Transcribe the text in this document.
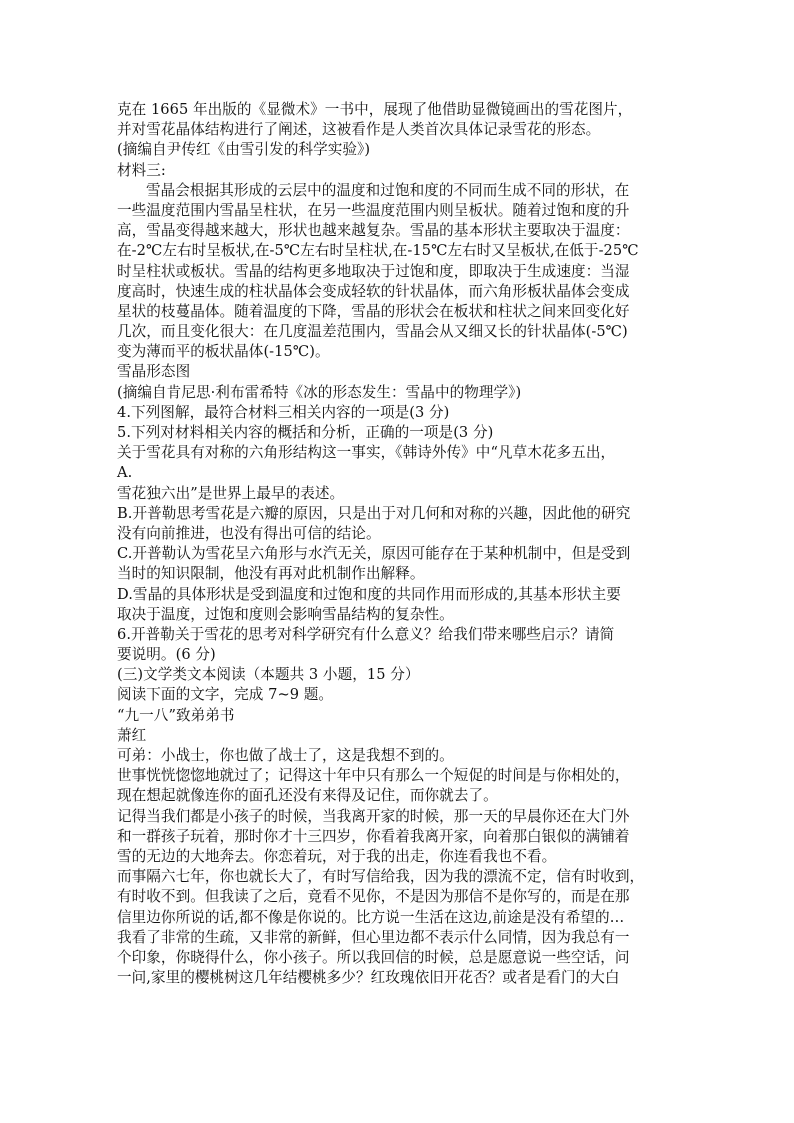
克在 1665 年出版的《显微术》一书中，展现了他借助显微镜画出的雪花图片，
并对雪花晶体结构进行了阐述，这被看作是人类首次具体记录雪花的形态。
(摘编自尹传红《由雪引发的科学实验》)
材料三:
雪晶会根据其形成的云层中的温度和过饱和度的不同而生成不同的形状，在
一些温度范围内雪晶呈柱状，在另一些温度范围内则呈板状。随着过饱和度的升
高，雪晶变得越来越大，形状也越来越复杂。雪晶的基本形状主要取决于温度：
在-2℃左右时呈板状,在-5℃左右时呈柱状,在-15℃左右时又呈板状,在低于-25℃
时呈柱状或板状。雪晶的结构更多地取决于过饱和度，即取决于生成速度：当湿
度高时，快速生成的柱状晶体会变成轻软的针状晶体，而六角形板状晶体会变成
星状的枝蔓晶体。随着温度的下降，雪晶的形状会在板状和柱状之间来回变化好
几次，而且变化很大：在几度温差范围内，雪晶会从又细又长的针状晶体(-5℃)
变为薄而平的板状晶体(-15℃)。
雪晶形态图
(摘编自肯尼思·利布雷希特《冰的形态发生：雪晶中的物理学》)
4.下列图解，最符合材料三相关内容的一项是(3 分)
5.下列对材料相关内容的概括和分析，正确的一项是(3 分)
关于雪花具有对称的六角形结构这一事实，《韩诗外传》中“凡草木花多五出，
A.
雪花独六出”是世界上最早的表述。
B.开普勒思考雪花是六瓣的原因，只是出于对几何和对称的兴趣，因此他的研究
没有向前推进，也没有得出可信的结论。
C.开普勒认为雪花呈六角形与水汽无关，原因可能存在于某种机制中，但是受到
当时的知识限制，他没有再对此机制作出解释。
D.雪晶的具体形状是受到温度和过饱和度的共同作用而形成的,其基本形状主要
取决于温度，过饱和度则会影响雪晶结构的复杂性。
6.开普勒关于雪花的思考对科学研究有什么意义？给我们带来哪些启示？请简
要说明。(6 分)
(三)文学类文本阅读（本题共 3 小题，15 分）
阅读下面的文字，完成 7~9 题。
“九一八”致弟弟书
萧红
可弟：小战士，你也做了战士了，这是我想不到的。
世事恍恍惚惚地就过了；记得这十年中只有那么一个短促的时间是与你相处的，
现在想起就像连你的面孔还没有来得及记住，而你就去了。
记得当我们都是小孩子的时候，当我离开家的时候，那一天的早晨你还在大门外
和一群孩子玩着，那时你才十三四岁，你看着我离开家，向着那白银似的满铺着
雪的无边的大地奔去。你恋着玩，对于我的出走，你连看我也不看。
而事隔六七年，你也就长大了，有时写信给我，因为我的漂流不定，信有时收到，
有时收不到。但我读了之后，竟看不见你，不是因为那信不是你写的，而是在那
信里边你所说的话,都不像是你说的。比方说一生活在这边,前途是没有希望的…
我看了非常的生疏，又非常的新鲜，但心里边都不表示什么同情，因为我总有一
个印象，你晓得什么，你小孩子。所以我回信的时候，总是愿意说一些空话，问
一问,家里的樱桃树这几年结樱桃多少？红玫瑰依旧开花否？或者是看门的大白
